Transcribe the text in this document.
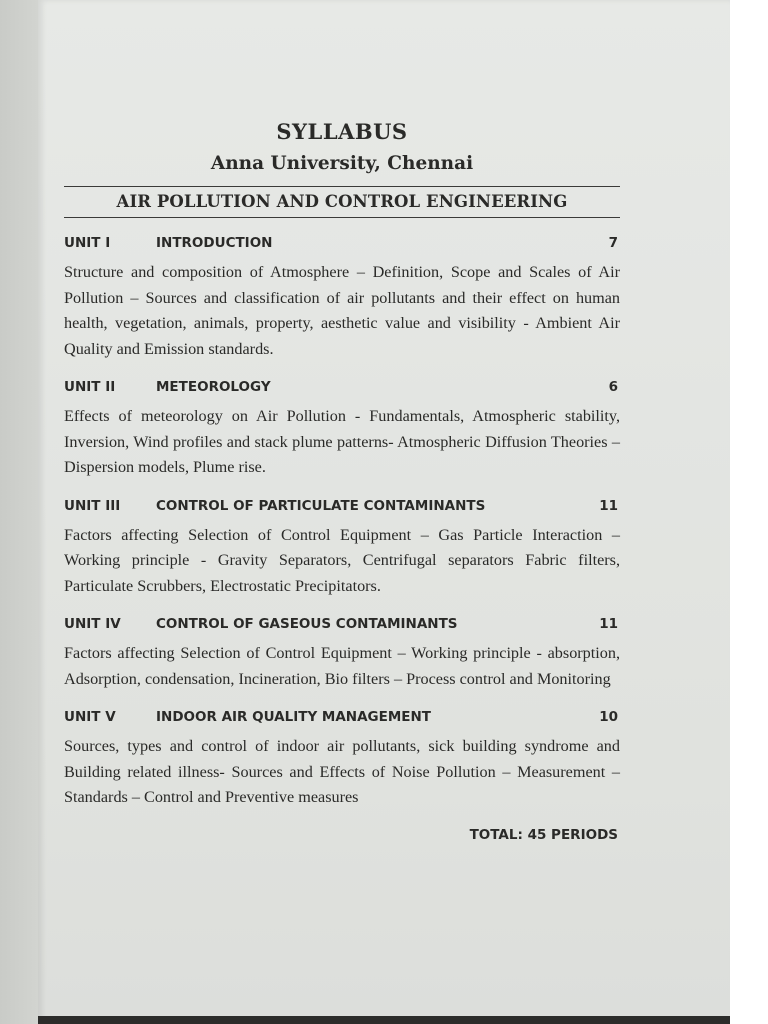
SYLLABUS
Anna University, Chennai
AIR POLLUTION AND CONTROL ENGINEERING
UNIT I	INTRODUCTION	7

Structure and composition of Atmosphere – Definition, Scope and Scales of Air Pollution – Sources and classification of air pollutants and their effect on human health, vegetation, animals, property, aesthetic value and visibility - Ambient Air Quality and Emission standards.

UNIT II	METEOROLOGY	6

Effects of meteorology on Air Pollution - Fundamentals, Atmospheric stability, Inversion, Wind profiles and stack plume patterns- Atmospheric Diffusion Theories – Dispersion models, Plume rise.

UNIT III	CONTROL OF PARTICULATE CONTAMINANTS	11

Factors affecting Selection of Control Equipment – Gas Particle Interaction – Working principle - Gravity Separators, Centrifugal separators Fabric filters, Particulate Scrubbers, Electrostatic Precipitators.

UNIT IV	CONTROL OF GASEOUS CONTAMINANTS	11

Factors affecting Selection of Control Equipment – Working principle - absorption, Adsorption, condensation, Incineration, Bio filters – Process control and Monitoring

UNIT V	INDOOR AIR QUALITY MANAGEMENT	10

Sources, types and control of indoor air pollutants, sick building syndrome and Building related illness- Sources and Effects of Noise Pollution – Measurement – Standards – Control and Preventive measures

TOTAL: 45 PERIODS
